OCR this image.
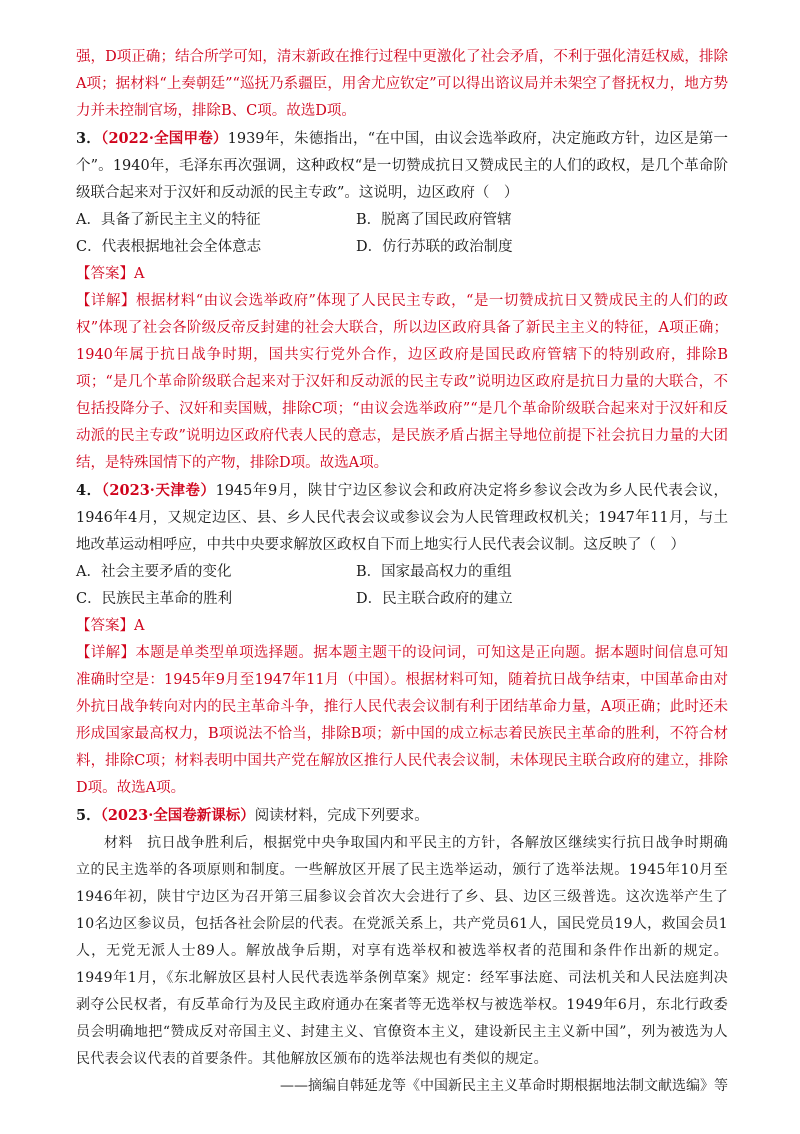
强，D项正确；结合所学可知，清末新政在推行过程中更激化了社会矛盾，不利于强化清廷权威，排除A项；据材料“上奏朝廷”“巡抚乃系疆臣，用舍尤应钦定”可以得出谘议局并未架空了督抚权力，地方势力并未控制官场，排除B、C项。故选D项。

3．（2022·全国甲卷）1939年，朱德指出，“在中国，由议会选举政府，决定施政方针，边区是第一个”。1940年，毛泽东再次强调，这种政权“是一切赞成抗日又赞成民主的人们的政权，是几个革命阶级联合起来对于汉奸和反动派的民主专政”。这说明，边区政府（　）

A．具备了新民主主义的特征	B．脱离了国民政府管辖
C．代表根据地社会全体意志	D．仿行苏联的政治制度

【答案】A

【详解】根据材料“由议会选举政府”体现了人民民主专政，“是一切赞成抗日又赞成民主的人们的政权”体现了社会各阶级反帝反封建的社会大联合，所以边区政府具备了新民主主义的特征，A项正确；1940年属于抗日战争时期，国共实行党外合作，边区政府是国民政府管辖下的特别政府，排除B项；“是几个革命阶级联合起来对于汉奸和反动派的民主专政”说明边区政府是抗日力量的大联合，不包括投降分子、汉奸和卖国贼，排除C项；“由议会选举政府”“是几个革命阶级联合起来对于汉奸和反动派的民主专政”说明边区政府代表人民的意志，是民族矛盾占据主导地位前提下社会抗日力量的大团结，是特殊国情下的产物，排除D项。故选A项。

4．（2023·天津卷）1945年9月，陕甘宁边区参议会和政府决定将乡参议会改为乡人民代表会议，1946年4月，又规定边区、县、乡人民代表会议或参议会为人民管理政权机关；1947年11月，与土地改革运动相呼应，中共中央要求解放区政权自下而上地实行人民代表会议制。这反映了（　）

A．社会主要矛盾的变化	B．国家最高权力的重组
C．民族民主革命的胜利	D．民主联合政府的建立

【答案】A

【详解】本题是单类型单项选择题。据本题主题干的设问词，可知这是正向题。据本题时间信息可知准确时空是：1945年9月至1947年11月（中国）。根据材料可知，随着抗日战争结束，中国革命由对外抗日战争转向对内的民主革命斗争，推行人民代表会议制有利于团结革命力量，A项正确；此时还未形成国家最高权力，B项说法不恰当，排除B项；新中国的成立标志着民族民主革命的胜利，不符合材料，排除C项；材料表明中国共产党在解放区推行人民代表会议制，未体现民主联合政府的建立，排除D项。故选A项。

5．（2023·全国卷新课标）阅读材料，完成下列要求。

材料 抗日战争胜利后，根据党中央争取国内和平民主的方针，各解放区继续实行抗日战争时期确立的民主选举的各项原则和制度。一些解放区开展了民主选举运动，颁行了选举法规。1945年10月至1946年初，陕甘宁边区为召开第三届参议会首次大会进行了乡、县、边区三级普选。这次选举产生了10名边区参议员，包括各社会阶层的代表。在党派关系上，共产党员61人，国民党员19人，救国会员1人，无党无派人士89人。解放战争后期，对享有选举权和被选举权者的范围和条件作出新的规定。1949年1月，《东北解放区县村人民代表选举条例草案》规定：经军事法庭、司法机关和人民法庭判决剥夺公民权者，有反革命行为及民主政府通办在案者等无选举权与被选举权。1949年6月，东北行政委员会明确地把“赞成反对帝国主义、封建主义、官僚资本主义，建设新民主主义新中国”，列为被选为人民代表会议代表的首要条件。其他解放区颁布的选举法规也有类似的规定。

——摘编自韩延龙等《中国新民主主义革命时期根据地法制文献选编》等
